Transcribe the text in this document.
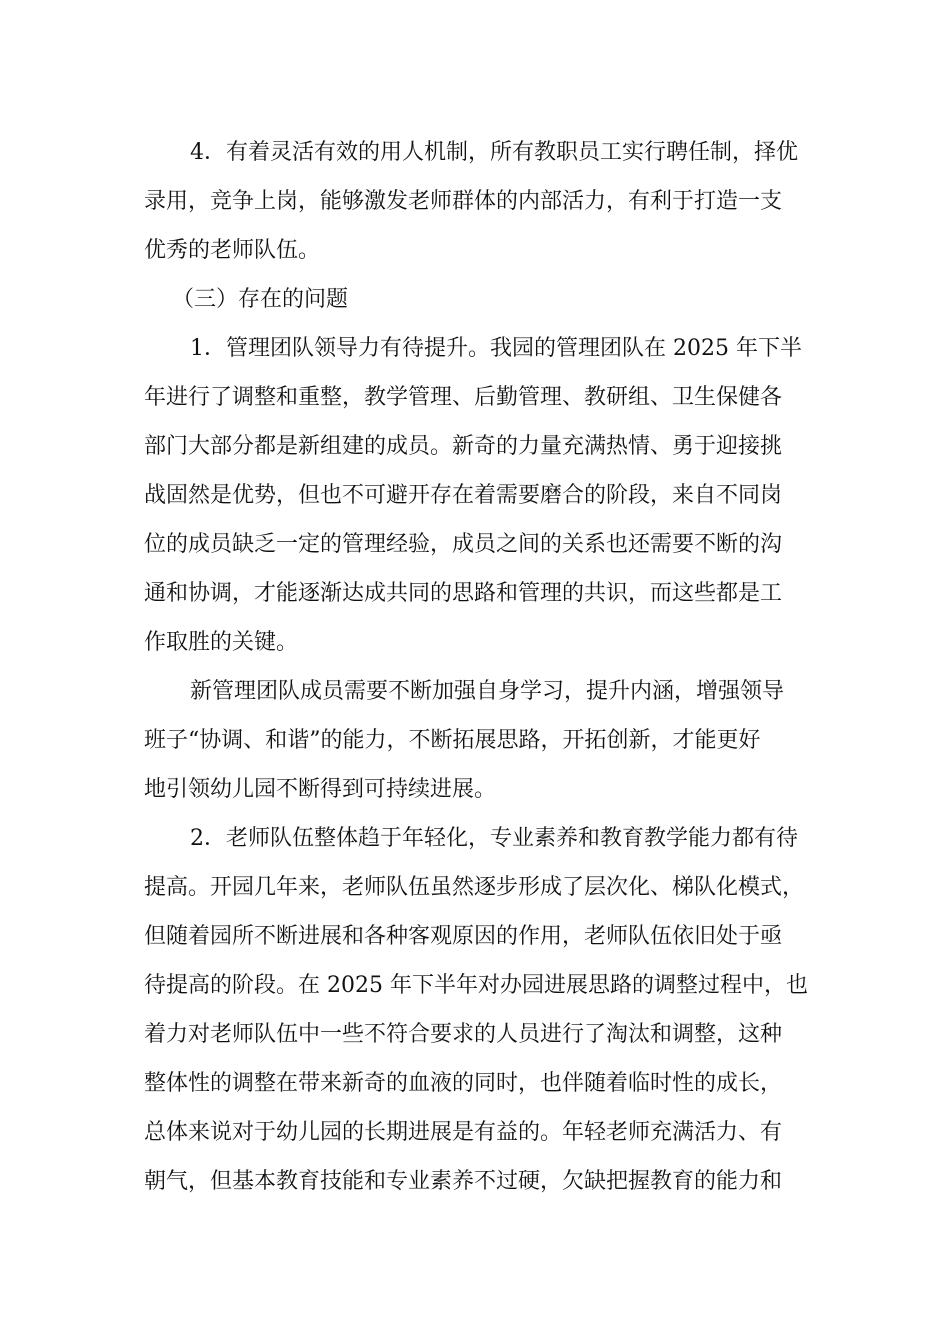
4．有着灵活有效的用人机制，所有教职员工实行聘任制，择优
录用，竞争上岗，能够激发老师群体的内部活力，有利于打造一支
优秀的老师队伍。
（三）存在的问题
1．管理团队领导力有待提升。我园的管理团队在 2025 年下半
年进行了调整和重整，教学管理、后勤管理、教研组、卫生保健各
部门大部分都是新组建的成员。新奇的力量充满热情、勇于迎接挑
战固然是优势，但也不可避开存在着需要磨合的阶段，来自不同岗
位的成员缺乏一定的管理经验，成员之间的关系也还需要不断的沟
通和协调，才能逐渐达成共同的思路和管理的共识，而这些都是工
作取胜的关键。
新管理团队成员需要不断加强自身学习，提升内涵，增强领导
班子“协调、和谐”的能力，不断拓展思路，开拓创新，才能更好
地引领幼儿园不断得到可持续进展。
2．老师队伍整体趋于年轻化，专业素养和教育教学能力都有待
提高。开园几年来，老师队伍虽然逐步形成了层次化、梯队化模式，
但随着园所不断进展和各种客观原因的作用，老师队伍依旧处于亟
待提高的阶段。在 2025 年下半年对办园进展思路的调整过程中，也
着力对老师队伍中一些不符合要求的人员进行了淘汰和调整，这种
整体性的调整在带来新奇的血液的同时，也伴随着临时性的成长，
总体来说对于幼儿园的长期进展是有益的。年轻老师充满活力、有
朝气，但基本教育技能和专业素养不过硬，欠缺把握教育的能力和
